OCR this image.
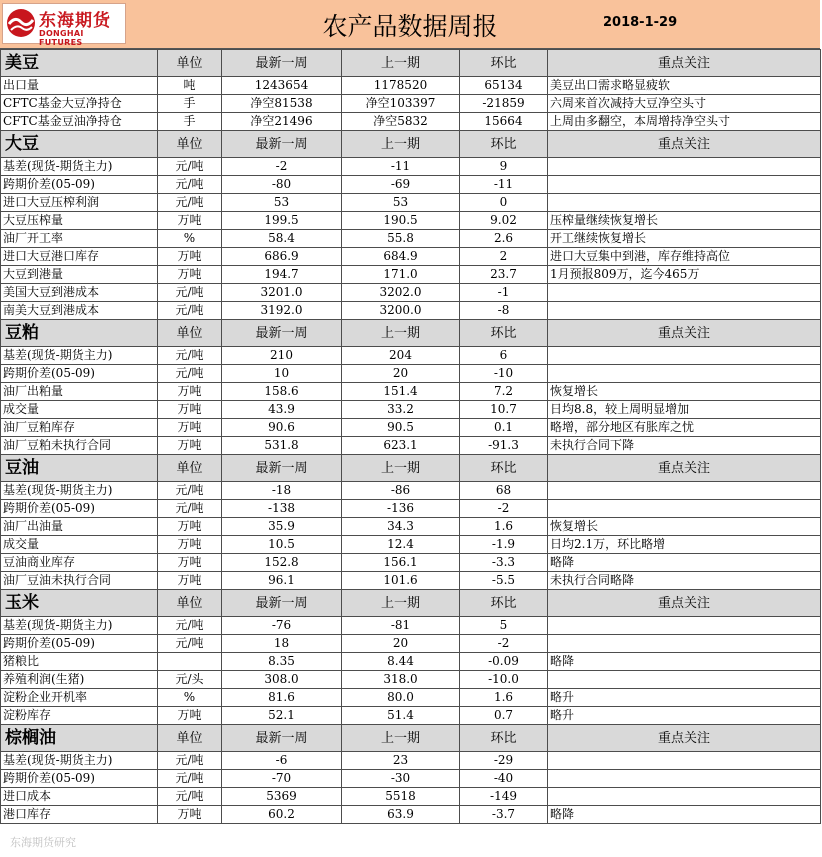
东海期货
DONGHAI FUTURES
农产品数据周报	2018-1-29
美豆	单位	最新一周	上一期	环比	重点关注
出口量	吨	1243654	1178520	65134	美豆出口需求略显疲软
CFTC基金大豆净持仓	手	净空81538	净空103397	-21859	六周来首次减持大豆净空头寸
CFTC基金豆油净持仓	手	净空21496	净空5832	15664	上周由多翻空，本周增持净空头寸
大豆	单位	最新一周	上一期	环比	重点关注
基差(现货-期货主力)	元/吨	-2	-11	9	
跨期价差(05-09)	元/吨	-80	-69	-11	
进口大豆压榨利润	元/吨	53	53	0	
大豆压榨量	万吨	199.5	190.5	9.02	压榨量继续恢复增长
油厂开工率	%	58.4	55.8	2.6	开工继续恢复增长
进口大豆港口库存	万吨	686.9	684.9	2	进口大豆集中到港，库存维持高位
大豆到港量	万吨	194.7	171.0	23.7	1月预报809万，迄今465万
美国大豆到港成本	元/吨	3201.0	3202.0	-1	
南美大豆到港成本	元/吨	3192.0	3200.0	-8	
豆粕	单位	最新一周	上一期	环比	重点关注
基差(现货-期货主力)	元/吨	210	204	6	
跨期价差(05-09)	元/吨	10	20	-10	
油厂出粕量	万吨	158.6	151.4	7.2	恢复增长
成交量	万吨	43.9	33.2	10.7	日均8.8，较上周明显增加
油厂豆粕库存	万吨	90.6	90.5	0.1	略增，部分地区有胀库之忧
油厂豆粕未执行合同	万吨	531.8	623.1	-91.3	未执行合同下降
豆油	单位	最新一周	上一期	环比	重点关注
基差(现货-期货主力)	元/吨	-18	-86	68	
跨期价差(05-09)	元/吨	-138	-136	-2	
油厂出油量	万吨	35.9	34.3	1.6	恢复增长
成交量	万吨	10.5	12.4	-1.9	日均2.1万，环比略增
豆油商业库存	万吨	152.8	156.1	-3.3	略降
油厂豆油未执行合同	万吨	96.1	101.6	-5.5	未执行合同略降
玉米	单位	最新一周	上一期	环比	重点关注
基差(现货-期货主力)	元/吨	-76	-81	5	
跨期价差(05-09)	元/吨	18	20	-2	
猪粮比		8.35	8.44	-0.09	略降
养殖利润(生猪)	元/头	308.0	318.0	-10.0	
淀粉企业开机率	%	81.6	80.0	1.6	略升
淀粉库存	万吨	52.1	51.4	0.7	略升
棕榈油	单位	最新一周	上一期	环比	重点关注
基差(现货-期货主力)	元/吨	-6	23	-29	
跨期价差(05-09)	元/吨	-70	-30	-40	
进口成本	元/吨	5369	5518	-149	
港口库存	万吨	60.2	63.9	-3.7	略降
东海期货研究
